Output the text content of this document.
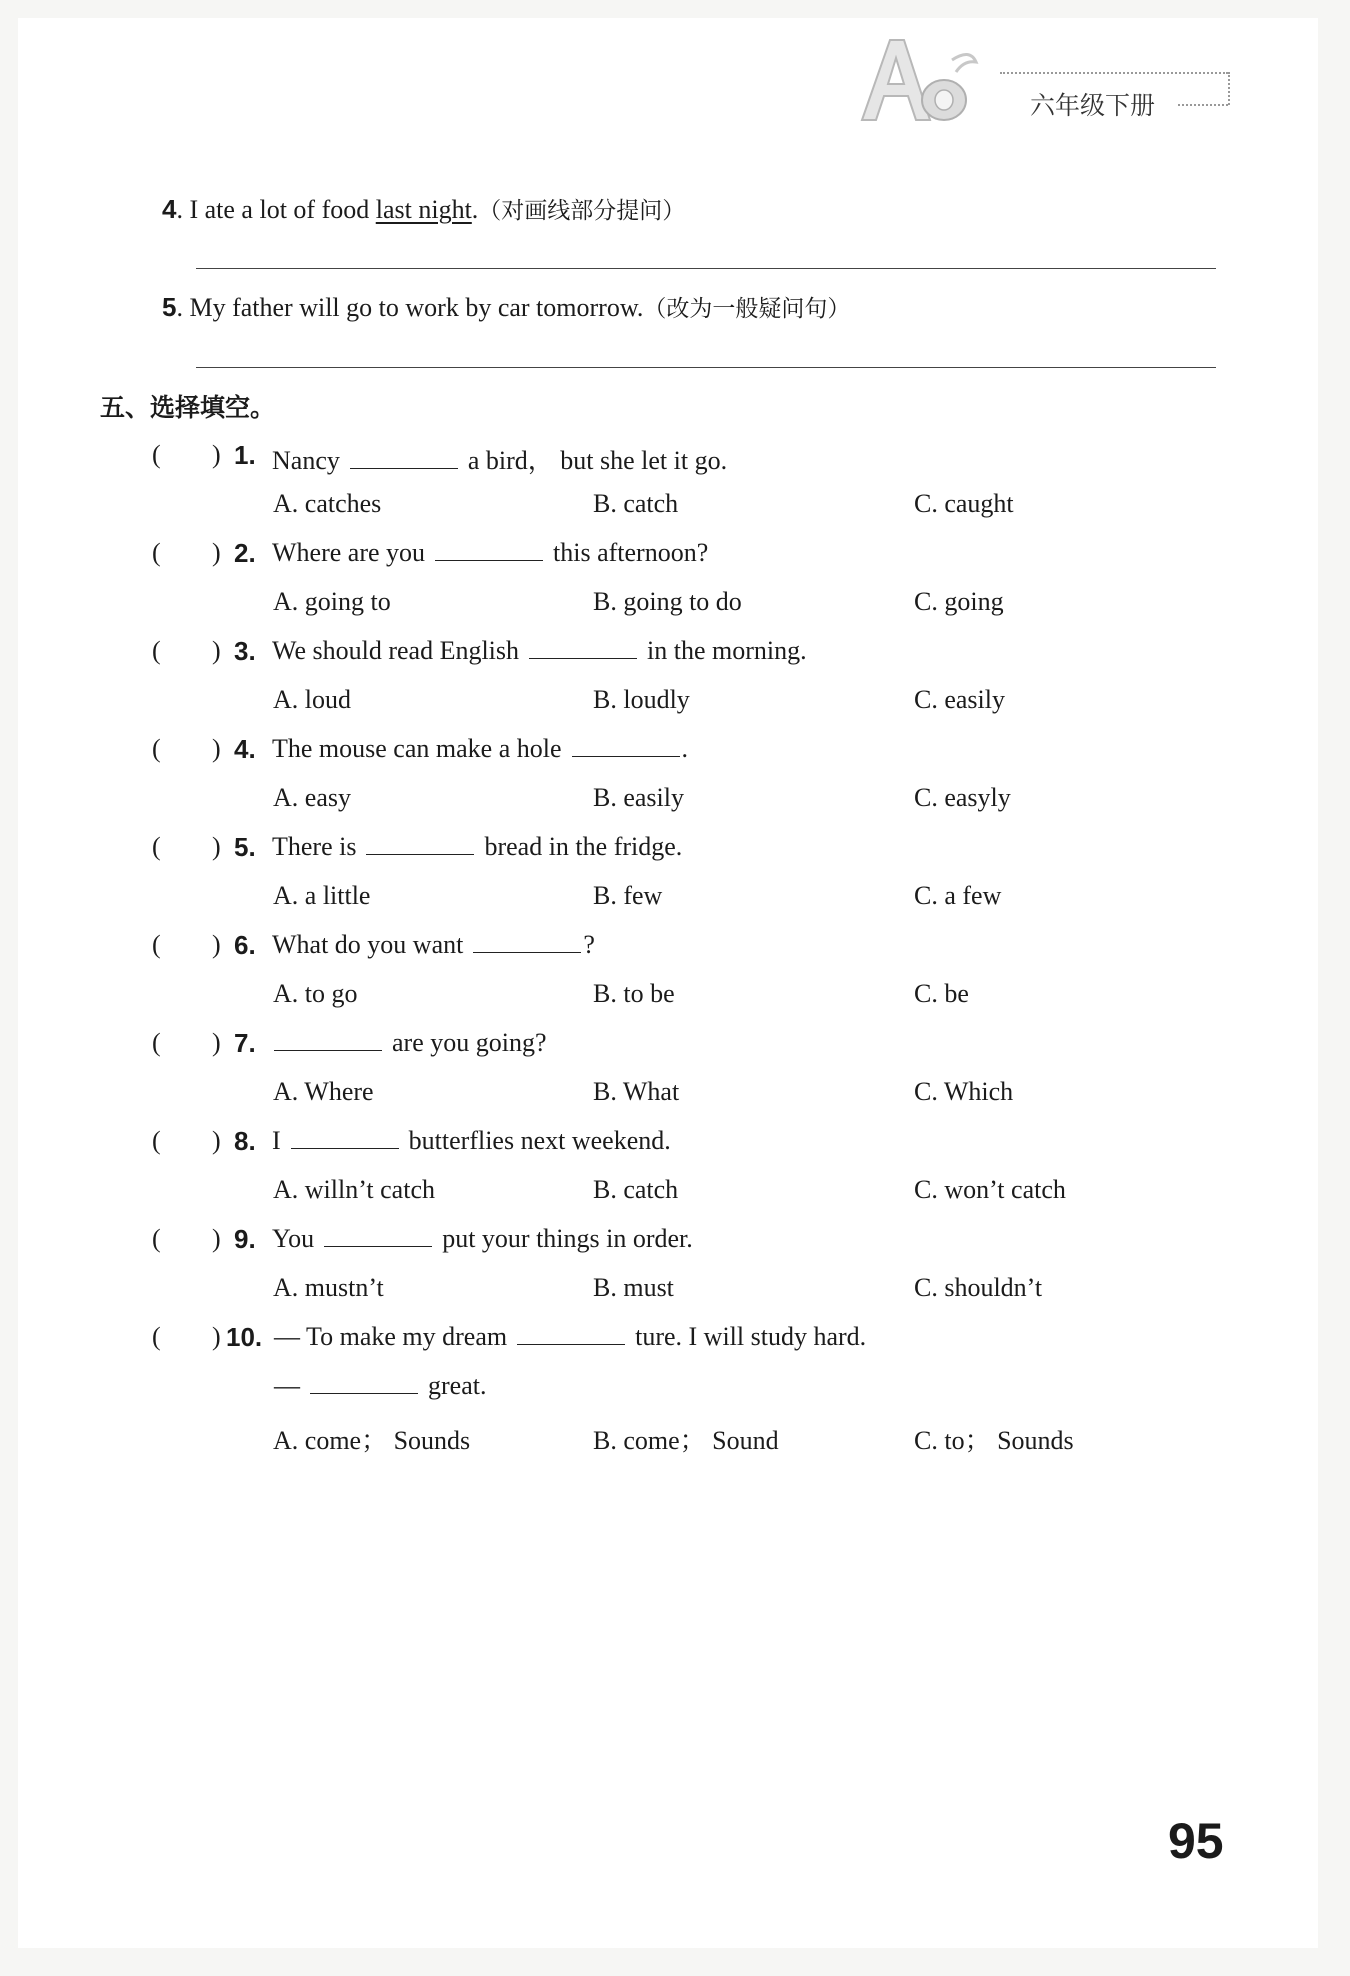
六年级下册
4. I ate a lot of food last night.（对画线部分提问）
5. My father will go to work by car tomorrow.（改为一般疑问句）
五、选择填空。
( ) 1. Nancy	a bird， but she let it go.
A. catches	B. catch	C. caught
( ) 2. Where are you	this afternoon?
A. going to	B. going to do	C. going
( ) 3. We should read English	in the morning.
A. loud	B. loudly	C. easily
( ) 4. The mouse can make a hole	.
A. easy	B. easily	C. easyly
( ) 5. There is	bread in the fridge.
A. a little	B. few	C. a few
( ) 6. What do you want	?
A. to go	B. to be	C. be
( ) 7.	are you going?
A. Where	B. What	C. Which
( ) 8. I	butterflies next weekend.
A. willn’t catch	B. catch	C. won’t catch
( ) 9. You	put your things in order.
A. mustn’t	B. must	C. shouldn’t
( ) 10. — To make my dream	ture. I will study hard.
—	great.
A. come； Sounds	B. come； Sound	C. to； Sounds
95
